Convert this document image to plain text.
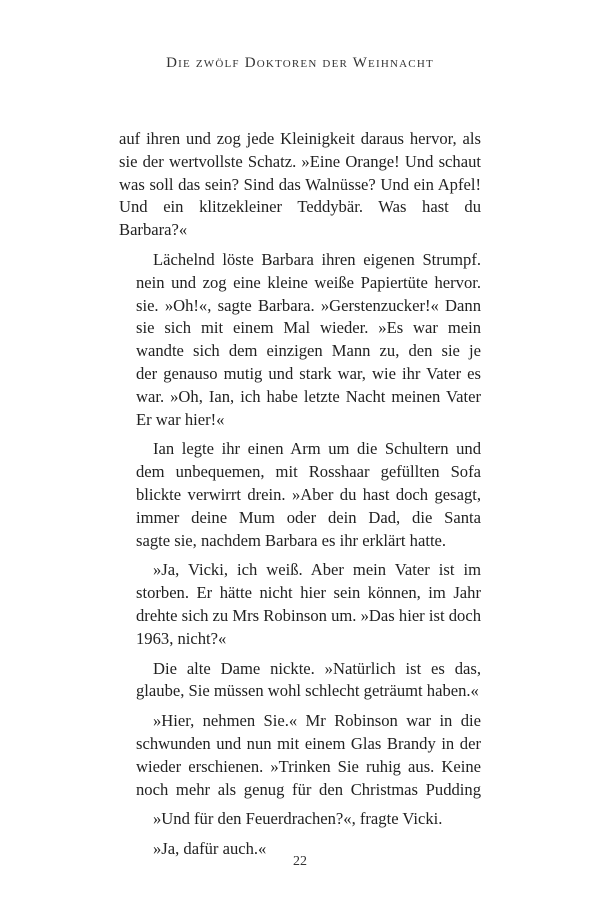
Die zwölf Doktoren der Weihnacht
auf ihren und zog jede Kleinigkeit daraus hervor, als
sie der wertvollste Schatz. »Eine Orange! Und schaut
was soll das sein? Sind das Walnüsse? Und ein Apfel!
Und ein klitzekleiner Teddybär. Was hast du
Barbara?«
Lächelnd löste Barbara ihren eigenen Strumpf.
nein und zog eine kleine weiße Papiertüte hervor.
sie. »Oh!«, sagte Barbara. »Gerstenzucker!« Dann
sie sich mit einem Mal wieder. »Es war mein
wandte sich dem einzigen Mann zu, den sie je
der genauso mutig und stark war, wie ihr Vater es
war. »Oh, Ian, ich habe letzte Nacht meinen Vater
Er war hier!«
Ian legte ihr einen Arm um die Schultern und
dem unbequemen, mit Rosshaar gefüllten Sofa
blickte verwirrt drein. »Aber du hast doch gesagt,
immer deine Mum oder dein Dad, die Santa
sagte sie, nachdem Barbara es ihr erklärt hatte.
»Ja, Vicki, ich weiß. Aber mein Vater ist im
storben. Er hätte nicht hier sein können, im Jahr
drehte sich zu Mrs Robinson um. »Das hier ist doch
1963, nicht?«
Die alte Dame nickte. »Natürlich ist es das,
glaube, Sie müssen wohl schlecht geträumt haben.«
»Hier, nehmen Sie.« Mr Robinson war in die
schwunden und nun mit einem Glas Brandy in der
wieder erschienen. »Trinken Sie ruhig aus. Keine
noch mehr als genug für den Christmas Pudding
»Und für den Feuerdrachen?«, fragte Vicki.
»Ja, dafür auch.«
22
